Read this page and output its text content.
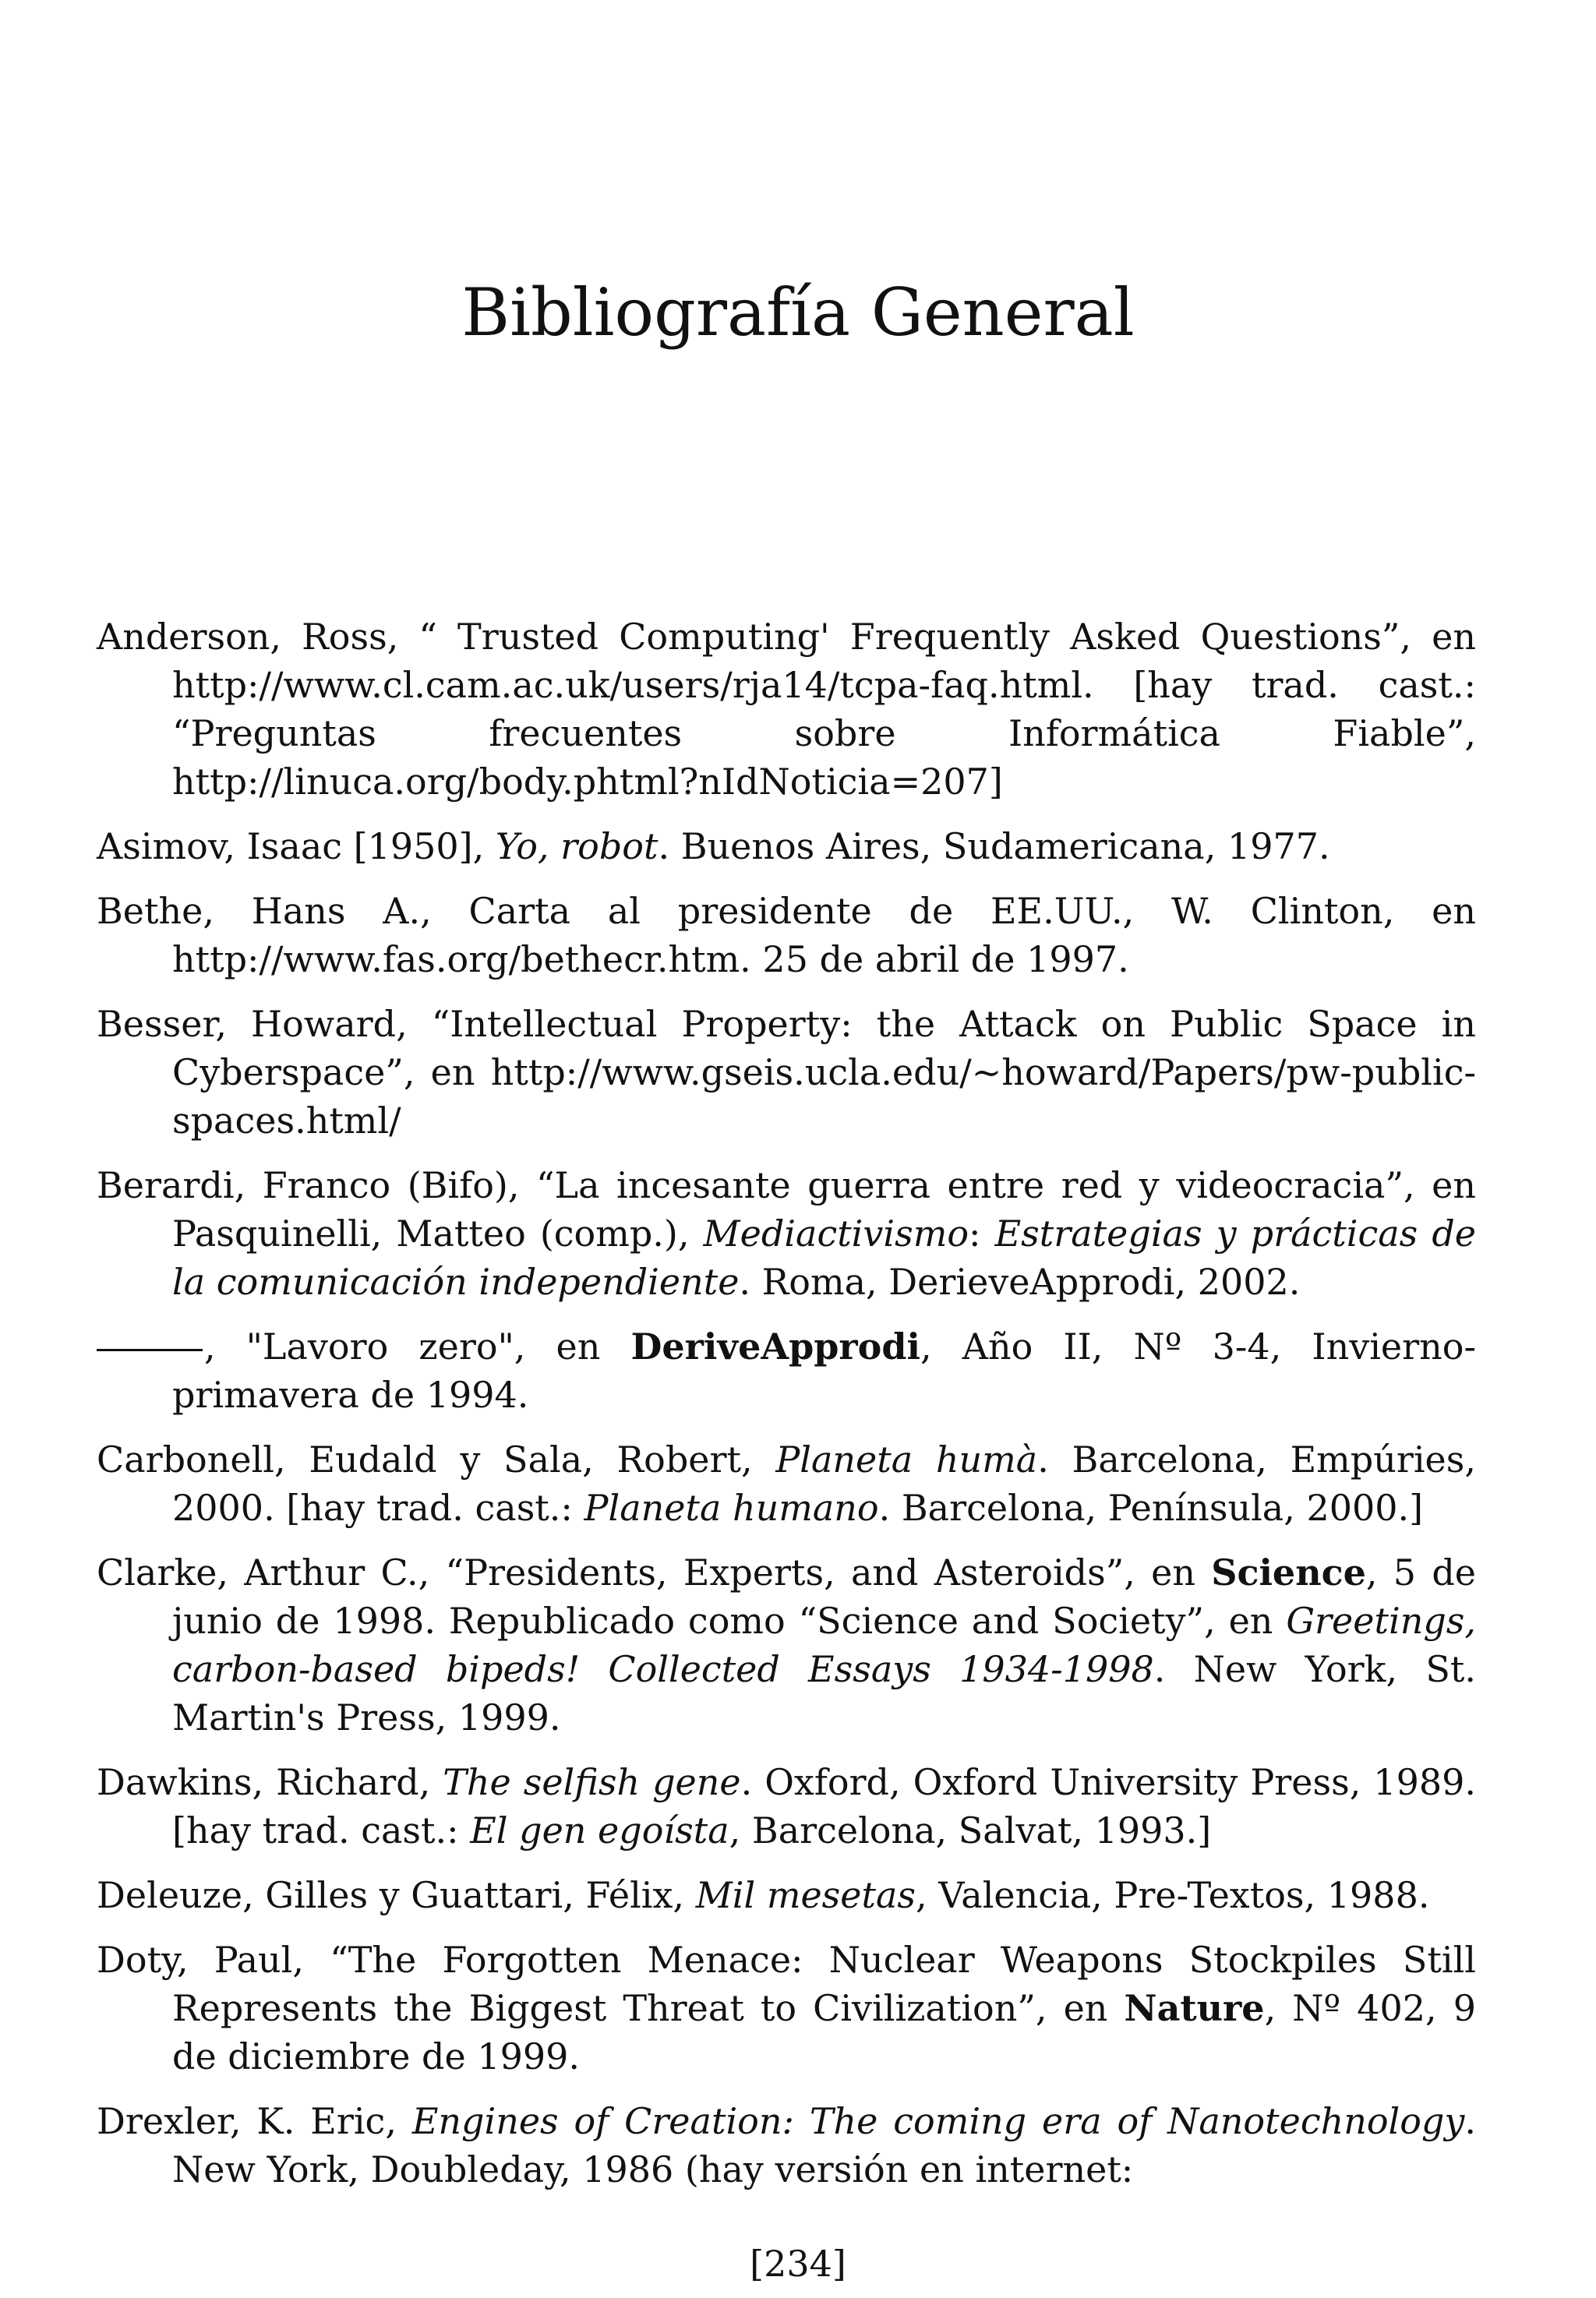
Bibliografía General

Anderson, Ross, “ Trusted Computing' Frequently Asked Questions”, en http://www.cl.cam.ac.uk/users/rja14/tcpa-faq.html. [hay trad. cast.: “Preguntas frecuentes sobre Informática Fiable”, http://linuca.org/body.phtml?nIdNoticia=207]

Asimov, Isaac [1950], Yo, robot. Buenos Aires, Sudamericana, 1977.

Bethe, Hans A., Carta al presidente de EE.UU., W. Clinton, en http://www.fas.org/bethecr.htm. 25 de abril de 1997.

Besser, Howard, “Intellectual Property: the Attack on Public Space in Cyberspace”, en http://www.gseis.ucla.edu/~howard/Papers/pw-public-spaces.html/

Berardi, Franco (Bifo), “La incesante guerra entre red y videocracia”, en Pasquinelli, Matteo (comp.), Mediactivismo: Estrategias y prácticas de la comunicación independiente. Roma, DerieveApprodi, 2002.

, "Lavoro zero", en DeriveApprodi, Año II, Nº 3-4, Invierno-primavera de 1994.

Carbonell, Eudald y Sala, Robert, Planeta humà. Barcelona, Empúries, 2000. [hay trad. cast.: Planeta humano. Barcelona, Península, 2000.]

Clarke, Arthur C., “Presidents, Experts, and Asteroids”, en Science, 5 de junio de 1998. Republicado como “Science and Society”, en Greetings, carbon-based bipeds! Collected Essays 1934-1998. New York, St. Martin's Press, 1999.

Dawkins, Richard, The selfish gene. Oxford, Oxford University Press, 1989. [hay trad. cast.: El gen egoísta, Barcelona, Salvat, 1993.]

Deleuze, Gilles y Guattari, Félix, Mil mesetas, Valencia, Pre-Textos, 1988.

Doty, Paul, “The Forgotten Menace: Nuclear Weapons Stockpiles Still Represents the Biggest Threat to Civilization”, en Nature, Nº 402, 9 de diciembre de 1999.

Drexler, K. Eric, Engines of Creation: The coming era of Nanotechnology. New York, Doubleday, 1986 (hay versión en internet:

[234]
